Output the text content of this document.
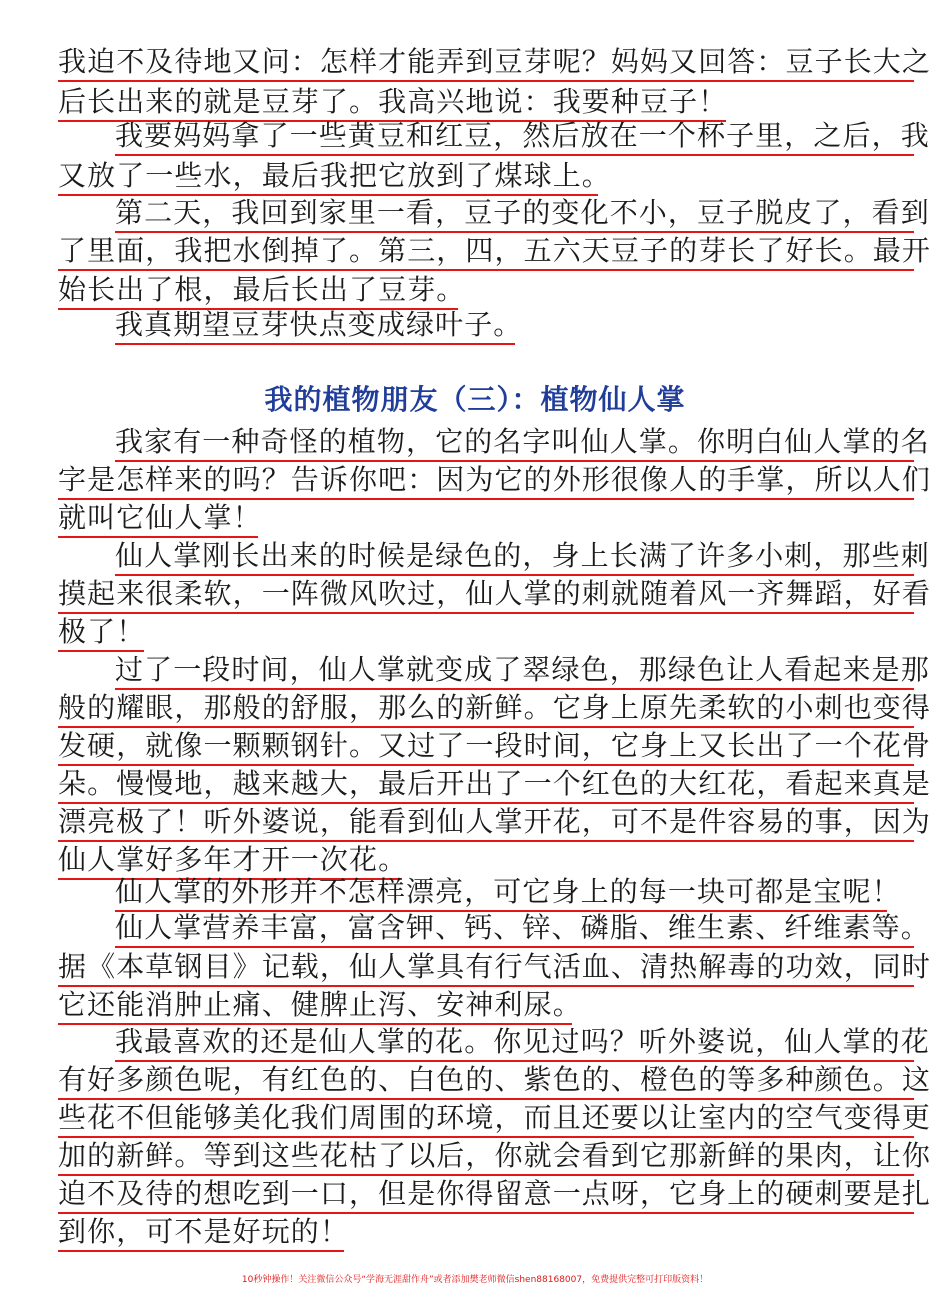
我迫不及待地又问：怎样才能弄到豆芽呢？妈妈又回答：豆子长大之
后长出来的就是豆芽了。我高兴地说：我要种豆子！
我要妈妈拿了一些黄豆和红豆，然后放在一个杯子里，之后，我
又放了一些水，最后我把它放到了煤球上。
第二天，我回到家里一看，豆子的变化不小，豆子脱皮了，看到
了里面，我把水倒掉了。第三，四，五六天豆子的芽长了好长。最开
始长出了根，最后长出了豆芽。
我真期望豆芽快点变成绿叶子。
我的植物朋友（三）：植物仙人掌
我家有一种奇怪的植物，它的名字叫仙人掌。你明白仙人掌的名
字是怎样来的吗？告诉你吧：因为它的外形很像人的手掌，所以人们
就叫它仙人掌！
仙人掌刚长出来的时候是绿色的，身上长满了许多小刺，那些刺
摸起来很柔软，一阵微风吹过，仙人掌的刺就随着风一齐舞蹈，好看
极了！
过了一段时间，仙人掌就变成了翠绿色，那绿色让人看起来是那
般的耀眼，那般的舒服，那么的新鲜。它身上原先柔软的小刺也变得
发硬，就像一颗颗钢针。又过了一段时间，它身上又长出了一个花骨
朵。慢慢地，越来越大，最后开出了一个红色的大红花，看起来真是
漂亮极了！听外婆说，能看到仙人掌开花，可不是件容易的事，因为
仙人掌好多年才开一次花。
仙人掌的外形并不怎样漂亮，可它身上的每一块可都是宝呢！
仙人掌营养丰富，富含钾、钙、锌、磷脂、维生素、纤维素等。
据《本草钢目》记载，仙人掌具有行气活血、清热解毒的功效，同时
它还能消肿止痛、健脾止泻、安神利尿。
我最喜欢的还是仙人掌的花。你见过吗？听外婆说，仙人掌的花
有好多颜色呢，有红色的、白色的、紫色的、橙色的等多种颜色。这
些花不但能够美化我们周围的环境，而且还要以让室内的空气变得更
加的新鲜。等到这些花枯了以后，你就会看到它那新鲜的果肉，让你
迫不及待的想吃到一口，但是你得留意一点呀，它身上的硬刺要是扎
到你，可不是好玩的！
10秒钟操作！关注微信公众号“学海无涯甜作舟”或者添加樊老师微信shen88168007，免费提供完整可打印版资料！
